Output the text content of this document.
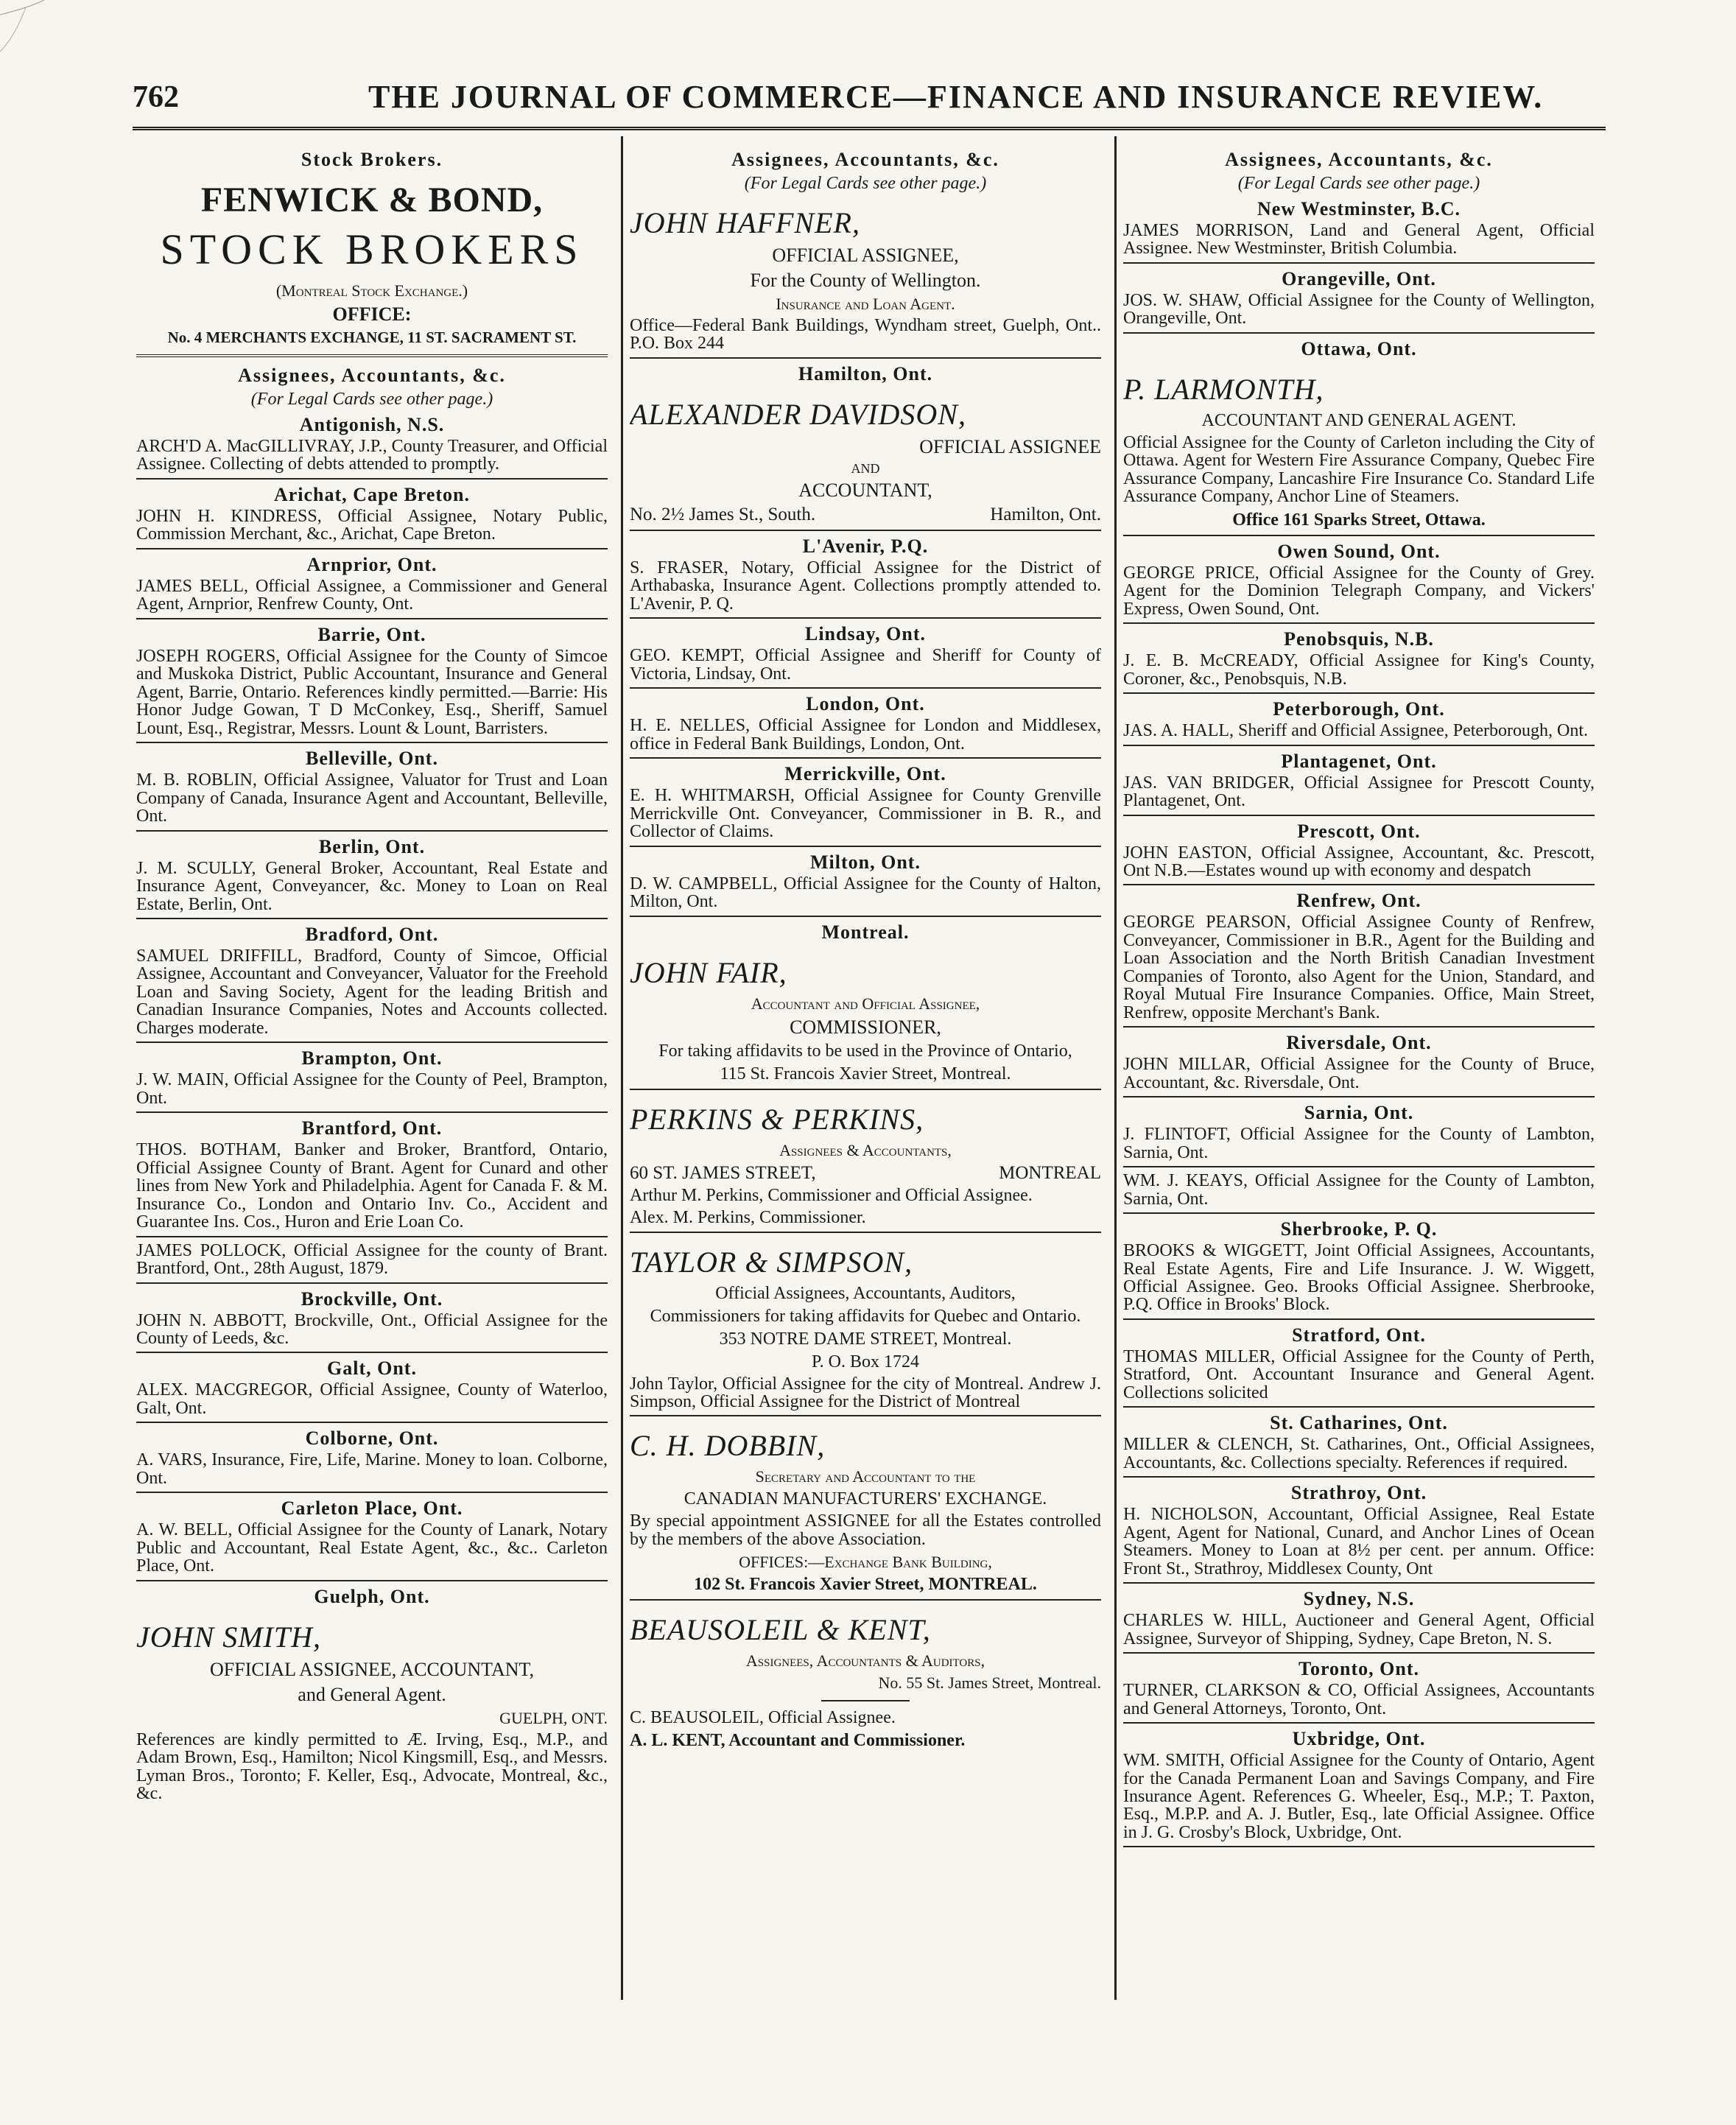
762	THE JOURNAL OF COMMERCE—FINANCE AND INSURANCE REVIEW.
Stock Brokers.
FENWICK & BOND,
STOCK BROKERS
(Montreal Stock Exchange.)
OFFICE:
No. 4 MERCHANTS EXCHANGE, 11 ST. SACRAMENT ST.
Assignees, Accountants, &c.
(For Legal Cards see other page.)
Antigonish, N.S.
ARCH'D A. MacGILLIVRAY, J.P., County Treasurer, and Official Assignee. Collecting of debts attended to promptly.
Arichat, Cape Breton.
JOHN H. KINDRESS, Official Assignee, Notary Public, Commission Merchant, &c., Arichat, Cape Breton.
Arnprior, Ont.
JAMES BELL, Official Assignee, a Commissioner and General Agent, Arnprior, Renfrew County, Ont.
Barrie, Ont.
JOSEPH ROGERS, Official Assignee for the County of Simcoe and Muskoka District, Public Accountant, Insurance and General Agent, Barrie, Ontario. References kindly permitted.—Barrie: His Honor Judge Gowan, T D McConkey, Esq., Sheriff, Samuel Lount, Esq., Registrar, Messrs. Lount & Lount, Barristers.
Belleville, Ont.
M. B. ROBLIN, Official Assignee, Valuator for Trust and Loan Company of Canada, Insurance Agent and Accountant, Belleville, Ont.
Berlin, Ont.
J. M. SCULLY, General Broker, Accountant, Real Estate and Insurance Agent, Conveyancer, &c. Money to Loan on Real Estate, Berlin, Ont.
Bradford, Ont.
SAMUEL DRIFFILL, Bradford, County of Simcoe, Official Assignee, Accountant and Conveyancer, Valuator for the Freehold Loan and Saving Society, Agent for the leading British and Canadian Insurance Companies, Notes and Accounts collected. Charges moderate.
Brampton, Ont.
J. W. MAIN, Official Assignee for the County of Peel, Brampton, Ont.
Brantford, Ont.
THOS. BOTHAM, Banker and Broker, Brantford, Ontario, Official Assignee County of Brant. Agent for Cunard and other lines from New York and Philadelphia. Agent for Canada F. & M. Insurance Co., London and Ontario Inv. Co., Accident and Guarantee Ins. Cos., Huron and Erie Loan Co.
JAMES POLLOCK, Official Assignee for the county of Brant. Brantford, Ont., 28th August, 1879.
Brockville, Ont.
JOHN N. ABBOTT, Brockville, Ont., Official Assignee for the County of Leeds, &c.
Galt, Ont.
ALEX. MACGREGOR, Official Assignee, County of Waterloo, Galt, Ont.
Colborne, Ont.
A. VARS, Insurance, Fire, Life, Marine. Money to loan. Colborne, Ont.
Carleton Place, Ont.
A. W. BELL, Official Assignee for the County of Lanark, Notary Public and Accountant, Real Estate Agent, &c., &c.. Carleton Place, Ont.
Guelph, Ont.
JOHN SMITH,
OFFICIAL ASSIGNEE, ACCOUNTANT,
and General Agent.
GUELPH, ONT.
References are kindly permitted to Æ. Irving, Esq., M.P., and Adam Brown, Esq., Hamilton; Nicol Kingsmill, Esq., and Messrs. Lyman Bros., Toronto; F. Keller, Esq., Advocate, Montreal, &c., &c.
Assignees, Accountants, &c.
(For Legal Cards see other page.)
JOHN HAFFNER,
OFFICIAL ASSIGNEE,
For the County of Wellington.
Insurance and Loan Agent.
Office—Federal Bank Buildings, Wyndham street, Guelph, Ont.. P.O. Box 244
Hamilton, Ont.
ALEXANDER DAVIDSON,
OFFICIAL ASSIGNEE
AND
ACCOUNTANT,
No. 2½ James St., South.	Hamilton, Ont.
L'Avenir, P.Q.
S. FRASER, Notary, Official Assignee for the District of Arthabaska, Insurance Agent. Collections promptly attended to. L'Avenir, P. Q.
Lindsay, Ont.
GEO. KEMPT, Official Assignee and Sheriff for County of Victoria, Lindsay, Ont.
London, Ont.
H. E. NELLES, Official Assignee for London and Middlesex, office in Federal Bank Buildings, London, Ont.
Merrickville, Ont.
E. H. WHITMARSH, Official Assignee for County Grenville Merrickville Ont. Conveyancer, Commissioner in B. R., and Collector of Claims.
Milton, Ont.
D. W. CAMPBELL, Official Assignee for the County of Halton, Milton, Ont.
Montreal.
JOHN FAIR,
Accountant and Official Assignee,
COMMISSIONER,
For taking affidavits to be used in the Province of Ontario,
115 St. Francois Xavier Street, Montreal.
PERKINS & PERKINS,
Assignees & Accountants,
60 ST. JAMES STREET,	MONTREAL
Arthur M. Perkins, Commissioner and Official Assignee.
Alex. M. Perkins, Commissioner.
TAYLOR & SIMPSON,
Official Assignees, Accountants, Auditors,
Commissioners for taking affidavits for Quebec and Ontario.
353 NOTRE DAME STREET, Montreal.
P. O. Box 1724
John Taylor, Official Assignee for the city of Montreal. Andrew J. Simpson, Official Assignee for the District of Montreal
C. H. DOBBIN,
Secretary and Accountant to the
CANADIAN MANUFACTURERS' EXCHANGE.
By special appointment ASSIGNEE for all the Estates controlled by the members of the above Association.
OFFICES:—Exchange Bank Building,
102 St. Francois Xavier Street, MONTREAL.
BEAUSOLEIL & KENT,
Assignees, Accountants & Auditors,
No. 55 St. James Street, Montreal.
C. BEAUSOLEIL, Official Assignee.
A. L. KENT, Accountant and Commissioner.
Assignees, Accountants, &c.
(For Legal Cards see other page.)
New Westminster, B.C.
JAMES MORRISON, Land and General Agent, Official Assignee. New Westminster, British Columbia.
Orangeville, Ont.
JOS. W. SHAW, Official Assignee for the County of Wellington, Orangeville, Ont.
Ottawa, Ont.
P. LARMONTH,
ACCOUNTANT AND GENERAL AGENT.
Official Assignee for the County of Carleton including the City of Ottawa. Agent for Western Fire Assurance Company, Quebec Fire Assurance Company, Lancashire Fire Insurance Co. Standard Life Assurance Company, Anchor Line of Steamers.
Office 161 Sparks Street, Ottawa.
Owen Sound, Ont.
GEORGE PRICE, Official Assignee for the County of Grey. Agent for the Dominion Telegraph Company, and Vickers' Express, Owen Sound, Ont.
Penobsquis, N.B.
J. E. B. McCREADY, Official Assignee for King's County, Coroner, &c., Penobsquis, N.B.
Peterborough, Ont.
JAS. A. HALL, Sheriff and Official Assignee, Peterborough, Ont.
Plantagenet, Ont.
JAS. VAN BRIDGER, Official Assignee for Prescott County, Plantagenet, Ont.
Prescott, Ont.
JOHN EASTON, Official Assignee, Accountant, &c. Prescott, Ont N.B.—Estates wound up with economy and despatch
Renfrew, Ont.
GEORGE PEARSON, Official Assignee County of Renfrew, Conveyancer, Commissioner in B.R., Agent for the Building and Loan Association and the North British Canadian Investment Companies of Toronto, also Agent for the Union, Standard, and Royal Mutual Fire Insurance Companies. Office, Main Street, Renfrew, opposite Merchant's Bank.
Riversdale, Ont.
JOHN MILLAR, Official Assignee for the County of Bruce, Accountant, &c. Riversdale, Ont.
Sarnia, Ont.
J. FLINTOFT, Official Assignee for the County of Lambton, Sarnia, Ont.
WM. J. KEAYS, Official Assignee for the County of Lambton, Sarnia, Ont.
Sherbrooke, P. Q.
BROOKS & WIGGETT, Joint Official Assignees, Accountants, Real Estate Agents, Fire and Life Insurance. J. W. Wiggett, Official Assignee. Geo. Brooks Official Assignee. Sherbrooke, P.Q. Office in Brooks' Block.
Stratford, Ont.
THOMAS MILLER, Official Assignee for the County of Perth, Stratford, Ont. Accountant Insurance and General Agent. Collections solicited
St. Catharines, Ont.
MILLER & CLENCH, St. Catharines, Ont., Official Assignees, Accountants, &c. Collections specialty. References if required.
Strathroy, Ont.
H. NICHOLSON, Accountant, Official Assignee, Real Estate Agent, Agent for National, Cunard, and Anchor Lines of Ocean Steamers. Money to Loan at 8½ per cent. per annum. Office: Front St., Strathroy, Middlesex County, Ont
Sydney, N.S.
CHARLES W. HILL, Auctioneer and General Agent, Official Assignee, Surveyor of Shipping, Sydney, Cape Breton, N. S.
Toronto, Ont.
TURNER, CLARKSON & CO, Official Assignees, Accountants and General Attorneys, Toronto, Ont.
Uxbridge, Ont.
WM. SMITH, Official Assignee for the County of Ontario, Agent for the Canada Permanent Loan and Savings Company, and Fire Insurance Agent. References G. Wheeler, Esq., M.P.; T. Paxton, Esq., M.P.P. and A. J. Butler, Esq., late Official Assignee. Office in J. G. Crosby's Block, Uxbridge, Ont.
